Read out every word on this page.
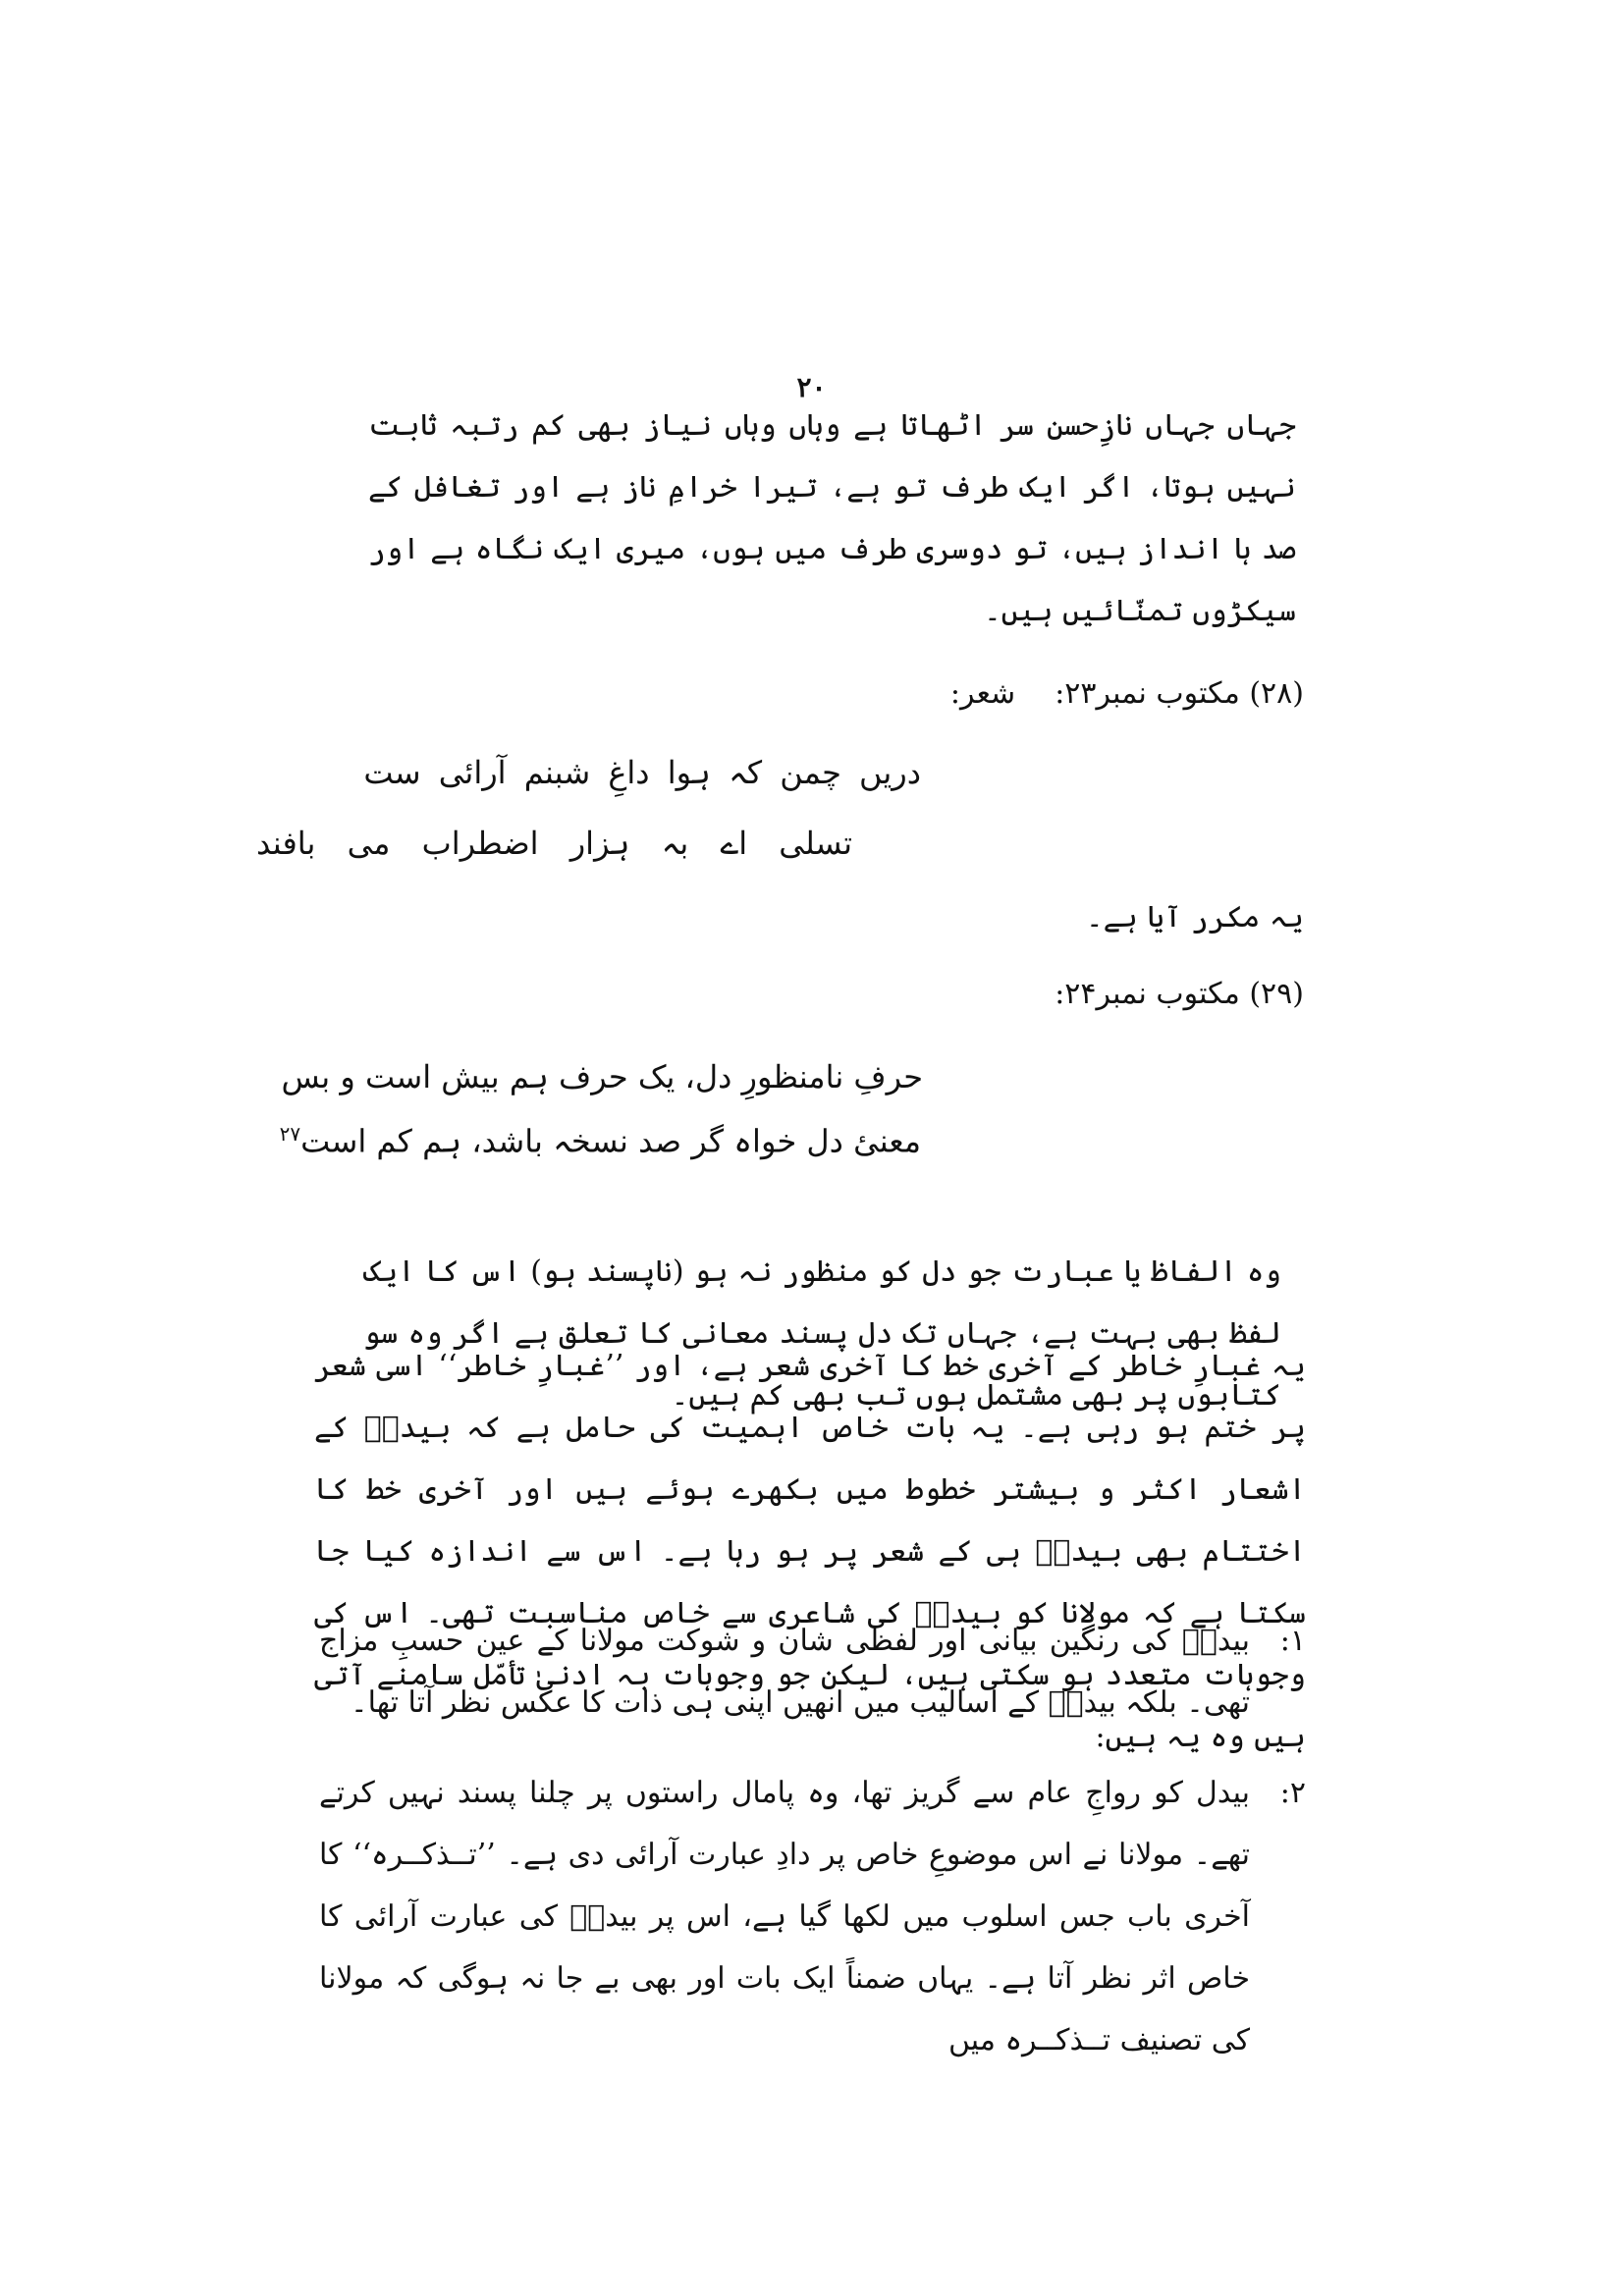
۲۰

جہاں جہاں نازِحسن سر اٹھاتا ہے وہاں وہاں نیاز بھی کم رتبہ ثابت نہیں ہوتا، اگر ایک طرف تو ہے، تیرا خرامِ ناز ہے اور تغافل کے صد ہا انداز ہیں، تو دوسری طرف میں ہوں، میری ایک نگاہ ہے اور سیکڑوں تمنّائیں ہیں۔

(۲۸) مکتوب نمبر۲۳:شعر:
دریں چمن کہ ہوا داغِ شبنم آرائی ست
تسلی اے بہ ہزار اضطراب می بافند
یہ مکرر آیا ہے۔
(۲۹) مکتوب نمبر۲۴:
حرفِ نامنظورِ دل، یک حرف ہم بیش است و بس
معنیٔ دل خواہ گر صد نسخہ باشد، ہم کم است$^{۲۷}$

وہ الفاظ یا عبارت جو دل کو منظور نہ ہو (ناپسند ہو) اس کا ایک لفظ بھی بہت ہے، جہاں تک دل پسند معانی کا تعلق ہے اگر وہ سو کتابوں پر بھی مشتمل ہوں تب بھی کم ہیں۔

یہ غبارِ خاطر کے آخری خط کا آخری شعر ہے، اور ’’غبارِ خاطر‘‘ اسی شعر پر ختم ہو رہی ہے۔ یہ بات خاص اہمیت کی حامل ہے کہ بیدلؔ کے اشعار اکثر و بیشتر خطوط میں بکھرے ہوئے ہیں اور آخری خط کا اختتام بھی بیدلؔ ہی کے شعر پر ہو رہا ہے۔ اس سے اندازہ کیا جا سکتا ہے کہ مولانا کو بیدلؔ کی شاعری سے خاص مناسبت تھی۔ اس کی وجوہات متعدد ہو سکتی ہیں، لیکن جو وجوہات بہ ادنیٰ تأمّل سامنے آتی ہیں وہ یہ ہیں:

۱:

بیدلؔ کی رنگین بیانی اور لفظی شان و شوکت مولانا کے عین حسبِ مزاج تھی۔ بلکہ بیدلؔ کے اسالیب میں انھیں اپنی ہی ذات کا عکس نظر آتا تھا۔

۲:

بیدل کو رواجِ عام سے گریز تھا، وہ پامال راستوں پر چلنا پسند نہیں کرتے تھے۔ مولانا نے اس موضوعِ خاص پر دادِ عبارت آرائی دی ہے۔ ’’تــذکــرہ‘‘ کا آخری باب جس اسلوب میں لکھا گیا ہے، اس پر بیدلؔ کی عبارت آرائی کا خاص اثر نظر آتا ہے۔ یہاں ضمناً ایک بات اور بھی بے جا نہ ہوگی کہ مولانا کی تصنیف تــذکــرہ میں
